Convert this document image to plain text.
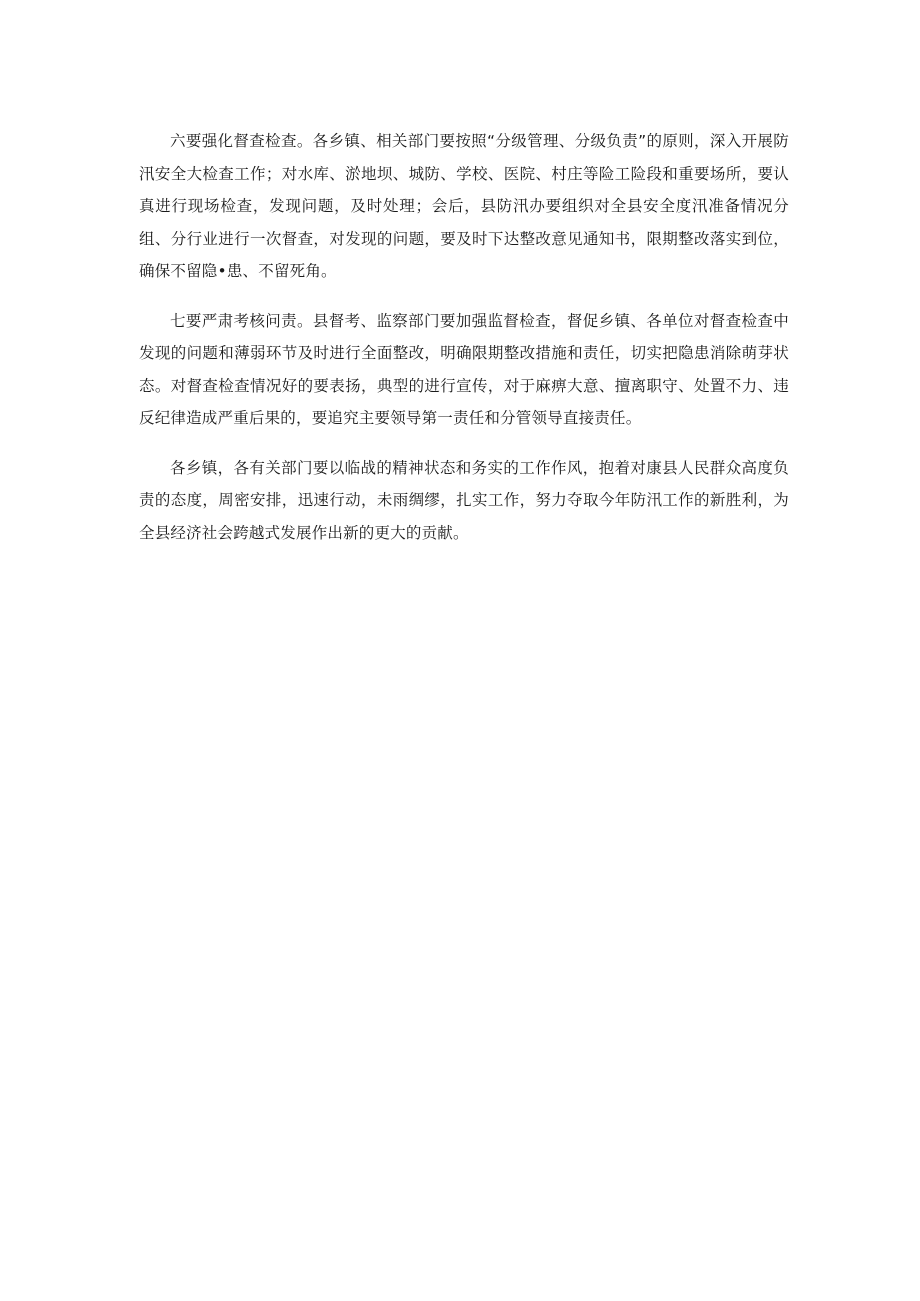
六要强化督查检查。各乡镇、相关部门要按照“分级管理、分级负责”的原则，深入开展防汛安全大检查工作；对水库、淤地坝、城防、学校、医院、村庄等险工险段和重要场所，要认真进行现场检查，发现问题，及时处理；会后，县防汛办要组织对全县安全度汛准备情况分组、分行业进行一次督查，对发现的问题，要及时下达整改意见通知书，限期整改落实到位，确保不留隐•患、不留死角。

七要严肃考核问责。县督考、监察部门要加强监督检查，督促乡镇、各单位对督查检查中发现的问题和薄弱环节及时进行全面整改，明确限期整改措施和责任，切实把隐患消除萌芽状态。对督查检查情况好的要表扬，典型的进行宣传，对于麻痹大意、擅离职守、处置不力、违反纪律造成严重后果的，要追究主要领导第一责任和分管领导直接责任。

各乡镇，各有关部门要以临战的精神状态和务实的工作作风，抱着对康县人民群众高度负责的态度，周密安排，迅速行动，未雨绸缪，扎实工作，努力夺取今年防汛工作的新胜利，为全县经济社会跨越式发展作出新的更大的贡献。
